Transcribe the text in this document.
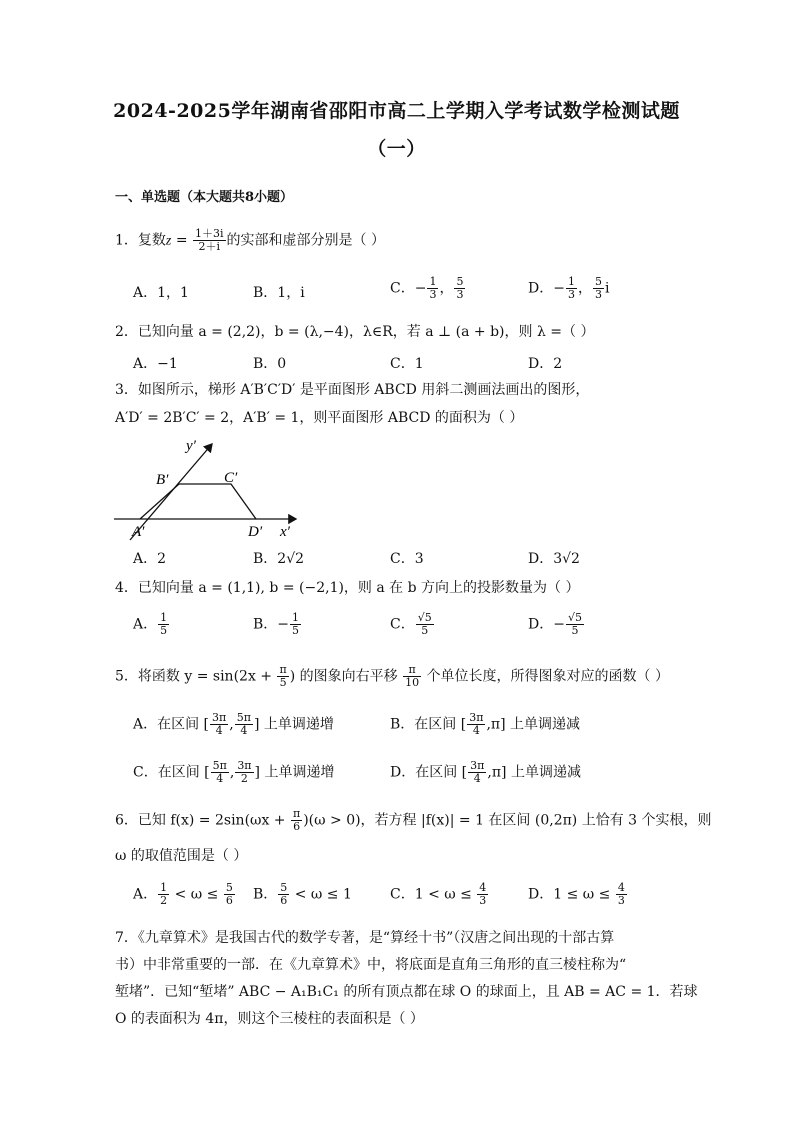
2024-2025学年湖南省邵阳市高二上学期入学考试数学检测试题
（一）
一、单选题（本大题共8小题）
1．复数$z = \frac{1+3i}{2+i}$ 的实部和虚部分别是（ ）
A．1，1	B．1，i	C．− $\frac{1}{3}$ ， $\frac{5}{3}$	D．− $\frac{1}{3}$ ， $\frac{5}{3}$ i
2．已知向量 a = (2,2)，b = (λ,−4)，λ∈R，若 a ⊥ (a + b)，则 λ =（ ）
A．−1	B．0	C．1	D．2
3．如图所示，梯形 A′B′C′D′ 是平面图形 ABCD 用斜二测画法画出的图形，
A′D′ = 2B′C′ = 2，A′B′ = 1，则平面图形 ABCD 的面积为（ ）
y′
B′	C′
A′	D′ x′
A．2	B．2√2	C．3	D．3√2
4．已知向量 a = (1,1), b = (−2,1)，则 a 在 b 方向上的投影数量为（ ）
A． $\frac{1}{5}$	B．− $\frac{1}{5}$	C． $\frac{√5}{5}$	D．− $\frac{√5}{5}$
5．将函数 $y = \sin(2x + \frac{\pi}{5}$ ) 的图象向右平移 $\frac{\pi}{10}$ 个单位长度，所得图象对应的函数（ ）
A．在区间 [ $\frac{3\pi}{4}$ , $\frac{5\pi}{4}$ ] 上单调递增	B．在区间 [ $\frac{3\pi}{4} ,\pi$] 上单调递减
C．在区间 [ $\frac{5\pi}{4}$ , $\frac{3\pi}{2}$ ] 上单调递增	D．在区间 [ $\frac{3\pi}{4} ,\pi$] 上单调递减
6．已知 $f(x) = 2\sin(\omega x + \frac{\pi}{6} )(\omega > 0)$，若方程 |f(x)| = 1 在区间 (0,2π) 上恰有 3 个实根，则
ω 的取值范围是（ ）
A． $\frac{1}{2} < \omega \le \frac{5}{6}$ B． $\frac{5}{6} < \omega \le 1$	C．$1 < \omega \le \frac{4}{3}$	D．$1 \le \omega \le \frac{4}{3}$
7．《九章算术》是我国古代的数学专著，是“算经十书”（汉唐之间出现的十部古算
书）中非常重要的一部．在《九章算术》中，将底面是直角三角形的直三棱柱称为“
堑堵”．已知“堑堵” ABC − A₁B₁C₁ 的所有顶点都在球 O 的球面上，且 AB = AC = 1．若球
O 的表面积为 4π，则这个三棱柱的表面积是（ ）
